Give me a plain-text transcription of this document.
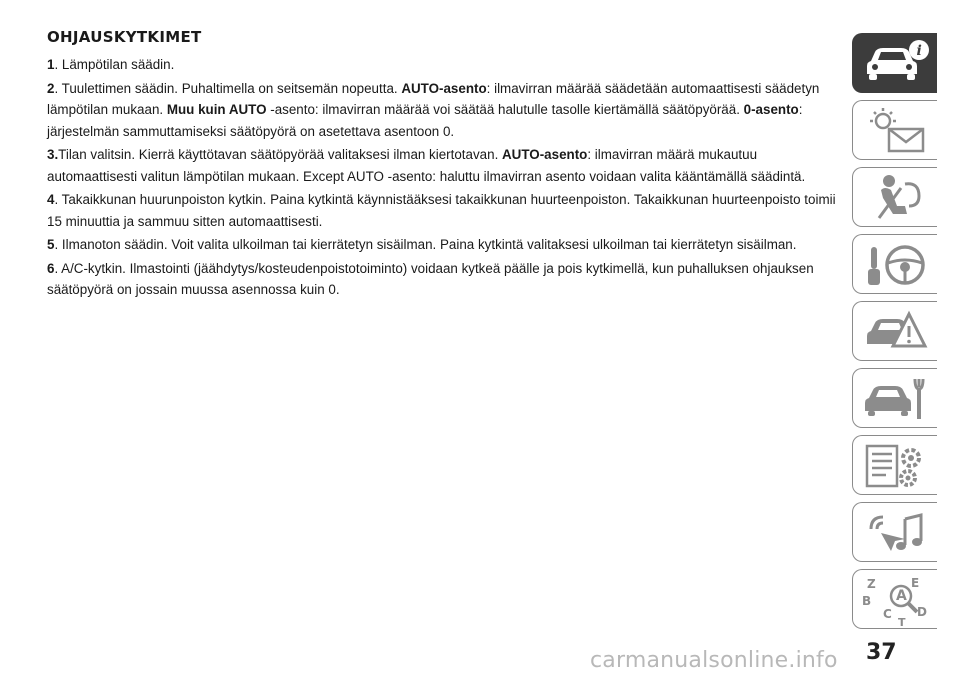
OHJAUSKYTKIMET
1. Lämpötilan säädin.
2. Tuulettimen säädin. Puhaltimella on seitsemän nopeutta. AUTO-asento: ilmavirran määrää säädetään automaattisesti säädetyn lämpötilan mukaan. Muu kuin AUTO -asento: ilmavirran määrää voi säätää halutulle tasolle kiertämällä säätöpyörää. 0-asento: järjestelmän sammuttamiseksi säätöpyörä on asetettava asentoon 0.
3.Tilan valitsin. Kierrä käyttötavan säätöpyörää valitaksesi ilman kiertotavan. AUTO-asento: ilmavirran määrä mukautuu automaattisesti valitun lämpötilan mukaan. Except AUTO -asento: haluttu ilmavirran asento voidaan valita kääntämällä säädintä.
4. Takaikkunan huurunpoiston kytkin. Paina kytkintä käynnistääksesi takaikkunan huurteenpoiston. Takaikkunan huurteenpoisto toimii 15 minuuttia ja sammuu sitten automaattisesti.
5. Ilmanoton säädin. Voit valita ulkoilman tai kierrätetyn sisäilman. Paina kytkintä valitaksesi ulkoilman tai kierrätetyn sisäilman.
6. A/C-kytkin. Ilmastointi (jäähdytys/kosteudenpoistotoiminto) voidaan kytkeä päälle ja pois kytkimellä, kun puhalluksen ohjauksen säätöpyörä on jossain muussa asennossa kuin 0.
i
Z	E
B A
C D
T
37
carmanualsonline.info
